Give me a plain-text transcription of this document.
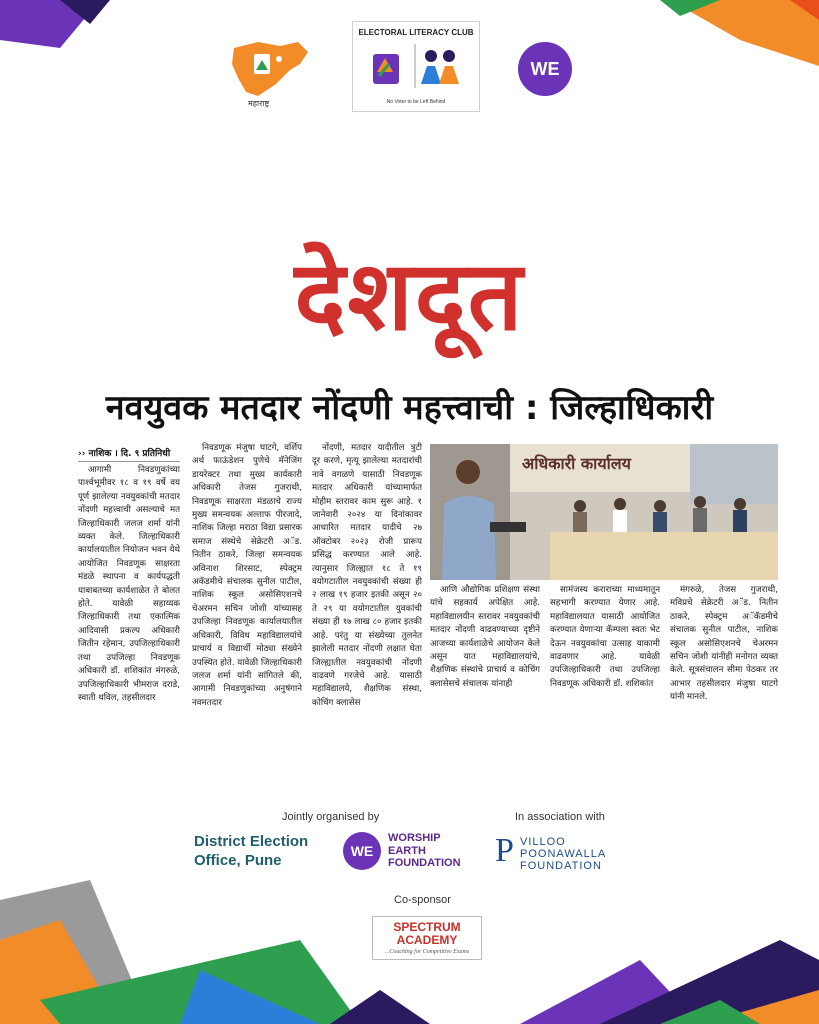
महाराष्ट्र
ELECTORAL LITERACY CLUB
No Voter to be Left Behind
WE
देशदूत
नवयुवक मतदार नोंदणी महत्त्वाची : जिल्हाधिकारी
›› नाशिक । दि. ९ प्रतिनिधी

आगामी निवडणुकांच्या पार्श्वभूमीवर १८ व १९ वर्षे वय पूर्ण झालेल्या नवयुवकांची मतदार नोंदणी महत्त्वाची असल्याचे मत जिल्हाधिकारी जलज शर्मा यांनी व्यक्त केले. जिल्हाधिकारी कार्यालयातील नियोजन भवन येथे आयोजित निवडणूक साक्षरता मंडळे स्थापना व कार्यपद्धती याबाबतच्या कार्यशाळेत ते बोलत होते. यावेळी सहाय्यक जिल्हाधिकारी तथा एकात्मिक आदिवासी प्रकल्प अधिकारी जितीन रहेमान, उपजिल्हाधिकारी तथा उपजिल्हा निवडणूक अधिकारी डॉ. शशिकांत मंगरुळे, उपजिल्हाधिकारी भीमराज दराडे, स्वाती थविल, तहसीलदार

निवडणूक मंजुषा घाटगे, वर्शिप अर्थ फाऊंडेशन पुणेचे मॅनेजिंग डायरेक्टर तथा मुख्य कार्यकारी अधिकारी तेजस गुजराथी, निवडणूक साक्षरता मंडळाचे राज्य मुख्य समन्वयक अल्ताफ पीरजादे, नाशिक जिल्हा मराठा विद्या प्रसारक समाज संस्थेचे सेक्रेटरी अॅड. नितीन ठाकरे, जिल्हा समन्वयक अविनाश शिरसाट, स्पेक्ट्रम अकॅडमीचे संचालक सुनील पाटील, नाशिक स्कूल असोसिएशनचे चेअरमन सचिन जोशी यांच्यासह उपजिल्हा निवडणूक कार्यालयातील अधिकारी, विविध महाविद्यालयांचे प्राचार्य व विद्यार्थी मोठ्या संख्येने उपस्थित होते. यावेळी जिल्हाधिकारी जलज शर्मा यांनी सांगितले की, आगामी निवडणुकांच्या अनुषंगाने नवमतदार

नोंदणी, मतदार यादीतील त्रुटी दूर करणे, मृत्यू झालेल्या मतदारांची नावे वगळणे यासाठी निवडणूक मतदार अधिकारी यांच्यामार्फत मोहीम स्तरावर काम सुरू आहे. १ जानेवारी २०२४ या दिनांकावर आधारित मतदार यादीचे २७ ऑक्टोबर २०२३ रोजी प्रारूप प्रसिद्ध करण्यात आले आहे. त्यानुसार जिल्ह्यात १८ ते १९ वयोगटातील नवयुवकांची संख्या ही २ लाख १९ हजार इतकी असून २० ते २९ या वयोगटातील युवकांची संख्या ही १७ लाख ८० हजार इतकी आहे. परंतु या संख्येच्या तुलनेत झालेली मतदार नोंदणी लक्षात घेता जिल्ह्यातील नवयुवकांची नोंदणी वाढवणे गरजेचे आहे. यासाठी महाविद्यालये, शैक्षणिक संस्था, कोचिंग क्लासेस

अधिकारी कार्यालय

आणि औद्योगिक प्रशिक्षण संस्था यांचे सहकार्य अपेक्षित आहे. महाविद्यालयीन स्तरावर नवयुवकांची मतदार नोंदणी वाढवण्याच्या दृष्टीने आजच्या कार्यशाळेचे आयोजन केले असून यात महाविद्यालयांचे, शैक्षणिक संस्थांचे प्राचार्य व कोचिंग क्लासेसचे संचालक यांनाही

सामंजस्य कराराच्या माध्यमातून सहभागी करण्यात येणार आहे. महाविद्यालयात यासाठी आयोजित करण्यात येणाऱ्या कॅम्पला स्वतः भेट देऊन नवयुवकांचा उत्साह याकामी वाढवणार आहे. यावेळी उपजिल्हाधिकारी तथा उपजिल्हा निवडणूक अधिकारी डॉ. शशिकांत

मंगरुळे, तेजस गुजराथी, मविप्रचे सेक्रेटरी अॅड. नितीन ठाकरे, स्पेक्ट्रम अॅकॅडमीचे संचालक सुनील पाटील, नाशिक स्कूल असोसिएशनचे चेअरमन सचिन जोशी यांनीही मनोगत व्यक्त केले. सूत्रसंचालन सीमा पेठकर तर आभार तहसीलदार मंजुषा घाटगे यांनी मानले.

Jointly organised by	In association with
District Election
Office, Pune
WE
WORSHIP
EARTH
FOUNDATION P VILLOO
POONAWALLA
FOUNDATION
Co-sponsor
SPECTRUM
ACADEMY
...Coaching for Competitive Exams
